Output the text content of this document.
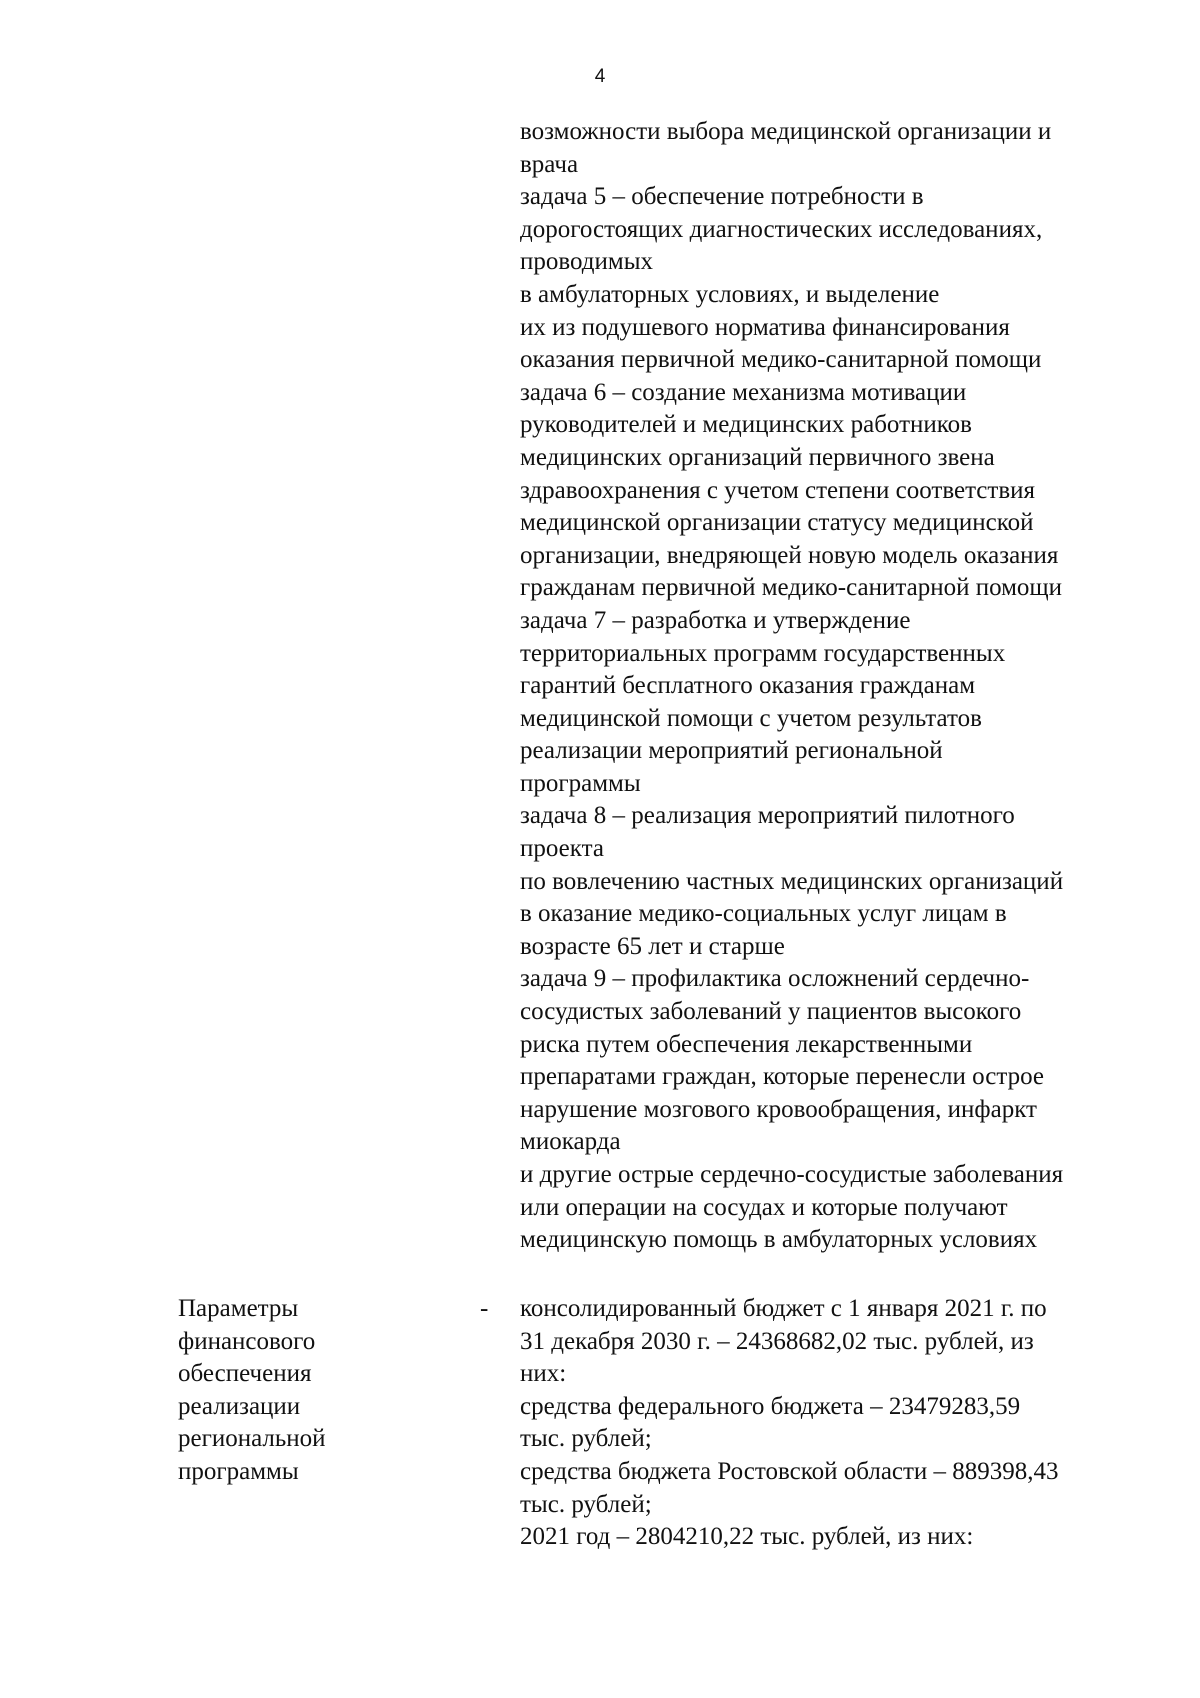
4
возможности выбора медицинской организации и
врача
задача 5 – обеспечение потребности в
дорогостоящих диагностических исследованиях,
проводимых
в амбулаторных условиях, и выделение
их из подушевого норматива финансирования
оказания первичной медико-санитарной помощи
задача 6 – создание механизма мотивации
руководителей и медицинских работников
медицинских организаций первичного звена
здравоохранения с учетом степени соответствия
медицинской организации статусу медицинской
организации, внедряющей новую модель оказания
гражданам первичной медико-санитарной помощи
задача 7 – разработка и утверждение
территориальных программ государственных
гарантий бесплатного оказания гражданам
медицинской помощи с учетом результатов
реализации мероприятий региональной
программы
задача 8 – реализация мероприятий пилотного
проекта
по вовлечению частных медицинских организаций
в оказание медико-социальных услуг лицам в
возрасте 65 лет и старше
задача 9 – профилактика осложнений сердечно-
сосудистых заболеваний у пациентов высокого
риска путем обеспечения лекарственными
препаратами граждан, которые перенесли острое
нарушение мозгового кровообращения, инфаркт
миокарда
и другие острые сердечно-сосудистые заболевания
или операции на сосудах и которые получают
медицинскую помощь в амбулаторных условиях
Параметры
финансового
обеспечения
реализации
региональной
программы
- консолидированный бюджет с 1 января 2021 г. по
31 декабря 2030 г. – 24368682,02 тыс. рублей, из
них:
средства федерального бюджета – 23479283,59
тыс. рублей;
средства бюджета Ростовской области – 889398,43
тыс. рублей;
2021 год – 2804210,22 тыс. рублей, из них:
